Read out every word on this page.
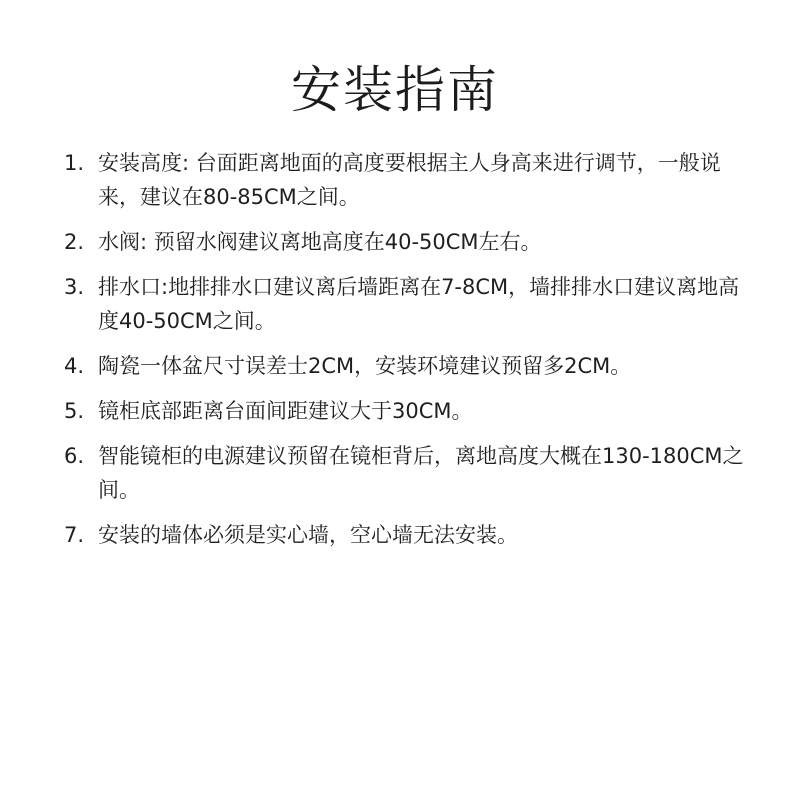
安装指南
1. 安装高度: 台面距离地面的高度要根据主人身高来进行调节，一般说来，建议在80-85CM之间。
2. 水阀: 预留水阀建议离地高度在40-50CM左右。
3. 排水口:地排排水口建议离后墙距离在7-8CM，墙排排水口建议离地高度40-50CM之间。
4. 陶瓷一体盆尺寸误差士2CM，安装环境建议预留多2CM。
5. 镜柜底部距离台面间距建议大于30CM。
6. 智能镜柜的电源建议预留在镜柜背后，离地高度大概在130-180CM之间。
7. 安装的墙体必须是实心墙，空心墙无法安装。
